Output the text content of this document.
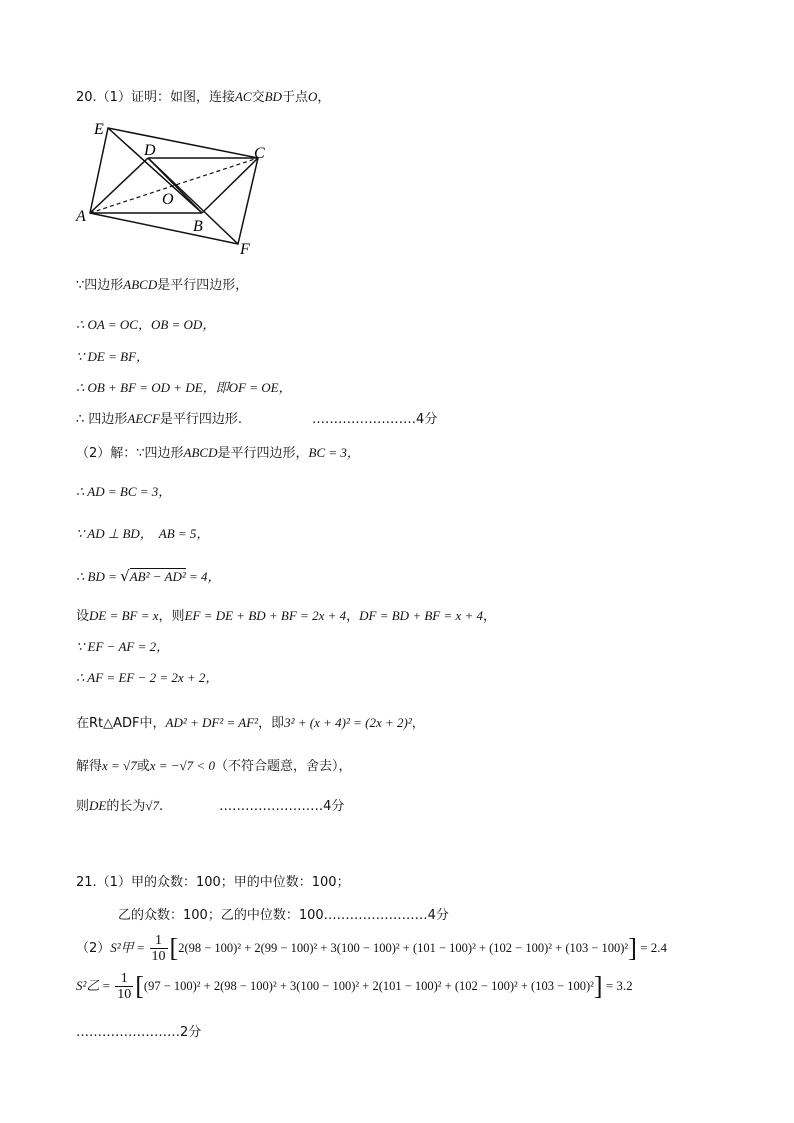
20.（1）证明：如图，连接AC交BD于点O，
E
D	C
O
A
B
F
∵四边形ABCD是平行四边形，
∴ OA = OC，OB = OD，
∵ DE = BF，
∴ OB + BF = OD + DE，即OF = OE，
∴ 四边形AECF是平行四边形.	……………………4分
（2）解：∵四边形ABCD是平行四边形，BC = 3，
∴ AD = BC = 3，
∵ AD ⊥ BD， AB = 5，
∴ BD = √AB² − AD² = 4，
设DE = BF = x，则EF = DE + BD + BF = 2x + 4，DF = BD + BF = x + 4，
∵ EF − AF = 2，
∴ AF = EF − 2 = 2x + 2，
在Rt△ADF中，AD² + DF² = AF²，即3² + (x + 4)² = (2x + 2)²，
解得x = √7或x = −√7 < 0（不符合题意，舍去），
则DE的长为√7.	……………………4分
21.（1）甲的众数：100；甲的中位数：100；
乙的众数：100；乙的中位数：100……………………4分
（2）S²甲 = $\frac{1}{10} [2(98 - 100)^2 + 2(99 - 100)^2 + 3(100 - 100)^2 + (101 - 100)^2 + (102 - 100)^2 + (103 - 100)^2] = 2.4$
S²乙 = $\frac{1}{10} [(97 - 100)^2 + 2(98 - 100)^2 + 3(100 - 100)^2 + 2(101 - 100)^2 + (102 - 100)^2 + (103 - 100)^2] = 3.2$
……………………2分
